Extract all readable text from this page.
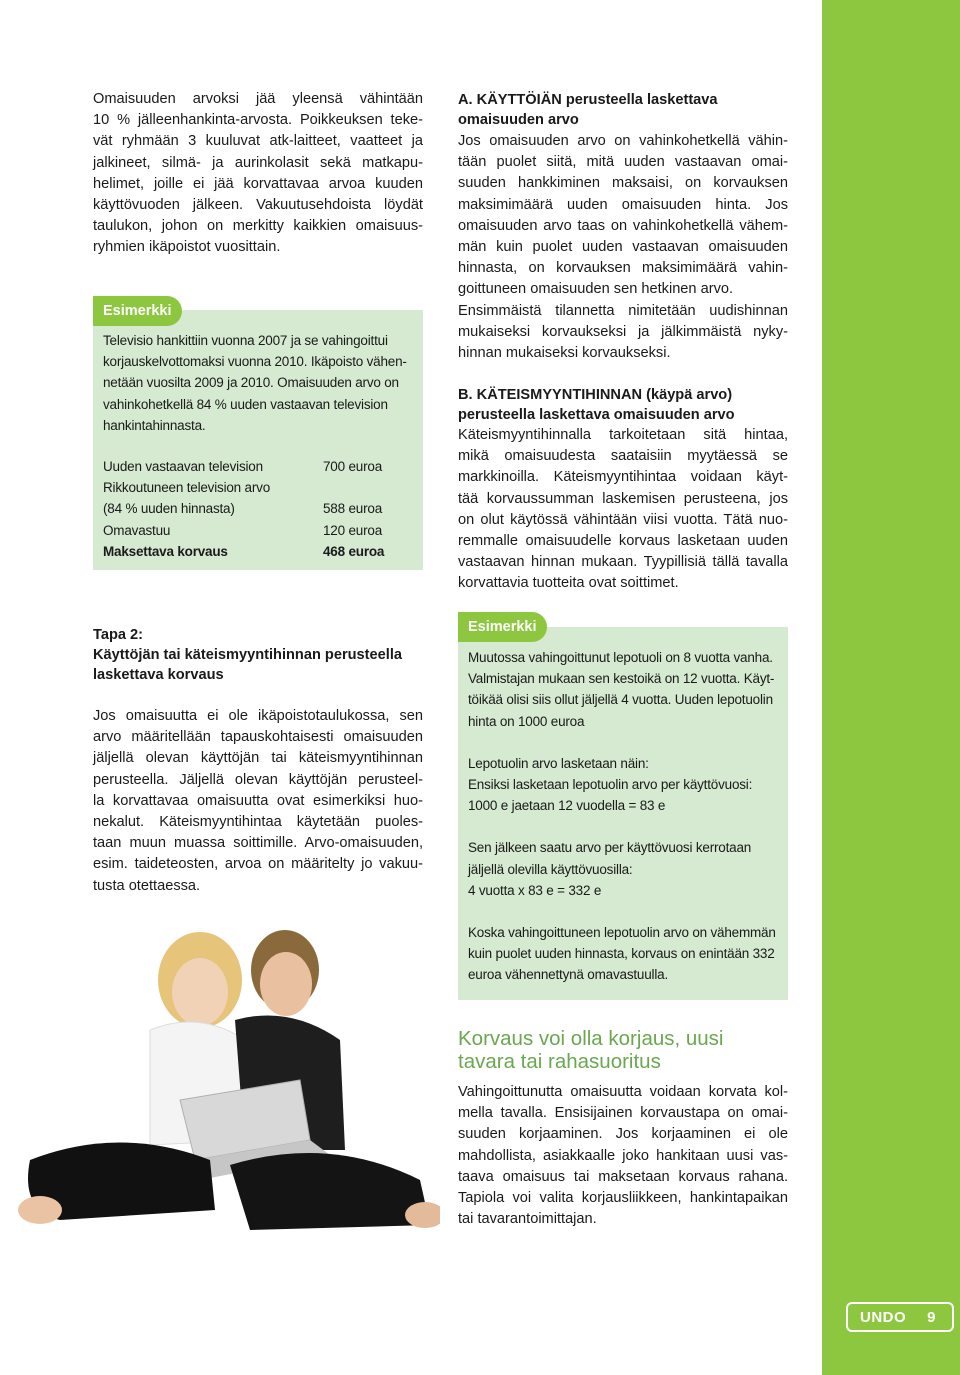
Omaisuuden arvoksi jää yleensä vähintään

10 % jälleenhankinta-arvosta. Poikkeuksen teke-

vät ryhmään 3 kuuluvat atk-laitteet, vaatteet ja

jalkineet, silmä- ja aurinkolasit sekä matkapu-

helimet, joille ei jää korvattavaa arvoa kuuden

käyttövuoden jälkeen. Vakuutusehdoista löydät

taulukon, johon on merkitty kaikkien omaisuus-

ryhmien ikäpoistot vuosittain.

Televisio hankittiin vuonna 2007 ja se vahingoittui
korjauskelvottomaksi vuonna 2010. Ikäpoisto vähen-
netään vuosilta 2009 ja 2010. Omaisuuden arvo on
vahinkohetkellä 84 % uuden vastaavan television
hankintahinnasta.
Uuden vastaavan television	700 euroa
Rikkoutuneen television arvo
(84 % uuden hinnasta)	588 euroa
Omavastuu	120 euroa
Maksettava korvaus	468 euroa
Esimerkki
Tapa 2:
Käyttöjän tai käteismyyntihinnan perusteella
laskettava korvaus

Jos omaisuutta ei ole ikäpoistotaulukossa, sen

arvo määritellään tapauskohtaisesti omaisuuden

jäljellä olevan käyttöjän tai käteismyyntihinnan

perusteella. Jäljellä olevan käyttöjän perusteel-

la korvattavaa omaisuutta ovat esimerkiksi huo-

nekalut. Käteismyyntihintaa käytetään puoles-

taan muun muassa soittimille. Arvo-omaisuuden,

esim. taideteosten, arvoa on määritelty jo vakuu-

tusta otettaessa.

A. KÄYTTÖIÄN perusteella laskettava
omaisuuden arvo

Jos omaisuuden arvo on vahinkohetkellä vähin-

tään puolet siitä, mitä uuden vastaavan omai-

suuden hankkiminen maksaisi, on korvauksen

maksimimäärä uuden omaisuuden hinta. Jos

omaisuuden arvo taas on vahinkohetkellä vähem-

män kuin puolet uuden vastaavan omaisuuden

hinnasta, on korvauksen maksimimäärä vahin-

goittuneen omaisuuden sen hetkinen arvo.

Ensimmäistä tilannetta nimitetään uudishinnan

mukaiseksi korvaukseksi ja jälkimmäistä nyky-

hinnan mukaiseksi korvaukseksi.

B. KÄTEISMYYNTIHINNAN (käypä arvo)
perusteella laskettava omaisuuden arvo

Käteismyyntihinnalla tarkoitetaan sitä hintaa,

mikä omaisuudesta saataisiin myytäessä se

markkinoilla. Käteismyyntihintaa voidaan käyt-

tää korvaussumman laskemisen perusteena, jos

on olut käytössä vähintään viisi vuotta. Tätä nuo-

remmalle omaisuudelle korvaus lasketaan uuden

vastaavan hinnan mukaan. Tyypillisiä tällä tavalla

korvattavia tuotteita ovat soittimet.

Muutossa vahingoittunut lepotuoli on 8 vuotta vanha.
Valmistajan mukaan sen kestoikä on 12 vuotta. Käyt-
töikää olisi siis ollut jäljellä 4 vuotta. Uuden lepotuolin
hinta on 1000 euroa
Lepotuolin arvo lasketaan näin:
Ensiksi lasketaan lepotuolin arvo per käyttövuosi:
1000 e jaetaan 12 vuodella = 83 e
Sen jälkeen saatu arvo per käyttövuosi kerrotaan
jäljellä olevilla käyttövuosilla:
4 vuotta x 83 e = 332 e
Koska vahingoittuneen lepotuolin arvo on vähemmän
kuin puolet uuden hinnasta, korvaus on enintään 332
euroa vähennettynä omavastuulla.
Esimerkki
Korvaus voi olla korjaus, uusi
tavara tai rahasuoritus

Vahingoittunutta omaisuutta voidaan korvata kol-

mella tavalla. Ensisijainen korvaustapa on omai-

suuden korjaaminen. Jos korjaaminen ei ole

mahdollista, asiakkaalle joko hankitaan uusi vas-

taava omaisuus tai maksetaan korvaus rahana.

Tapiola voi valita korjausliikkeen, hankintapaikan

tai tavarantoimittajan.

UNDO 9
